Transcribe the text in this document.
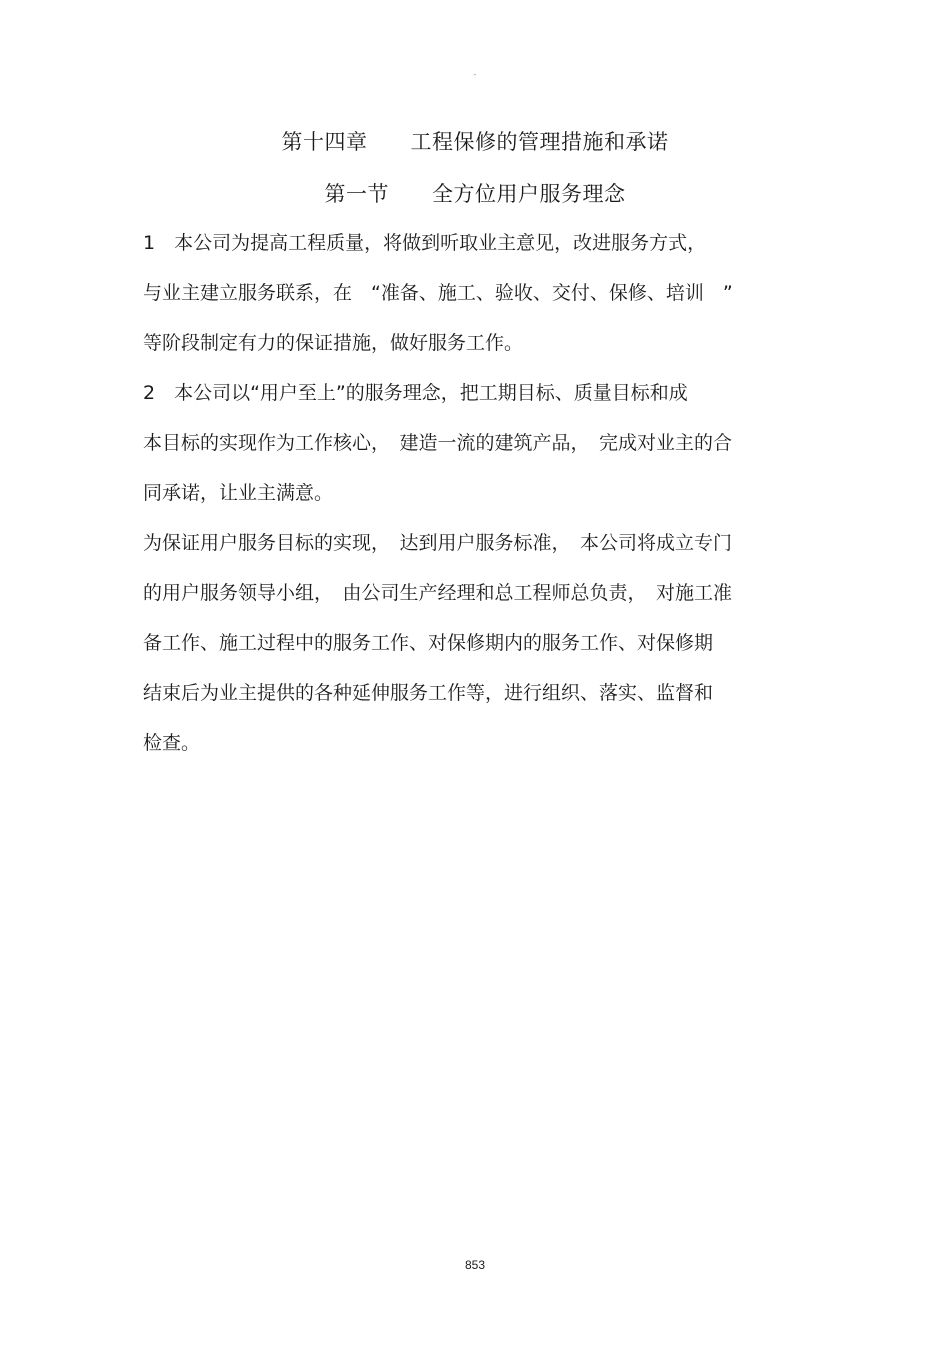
-
第十四章　　工程保修的管理措施和承诺
第一节　　全方位用户服务理念
1　本公司为提高工程质量，将做到听取业主意见，改进服务方式，
与业主建立服务联系，在　“准备、施工、验收、交付、保修、培训　”
等阶段制定有力的保证措施，做好服务工作。
2　本公司以“用户至上”的服务理念，把工期目标、质量目标和成
本目标的实现作为工作核心，　建造一流的建筑产品，　完成对业主的合
同承诺，让业主满意。
为保证用户服务目标的实现，　达到用户服务标准，　本公司将成立专门
的用户服务领导小组，　由公司生产经理和总工程师总负责，　对施工准
备工作、施工过程中的服务工作、对保修期内的服务工作、对保修期
结束后为业主提供的各种延伸服务工作等，进行组织、落实、监督和
检查。
853
